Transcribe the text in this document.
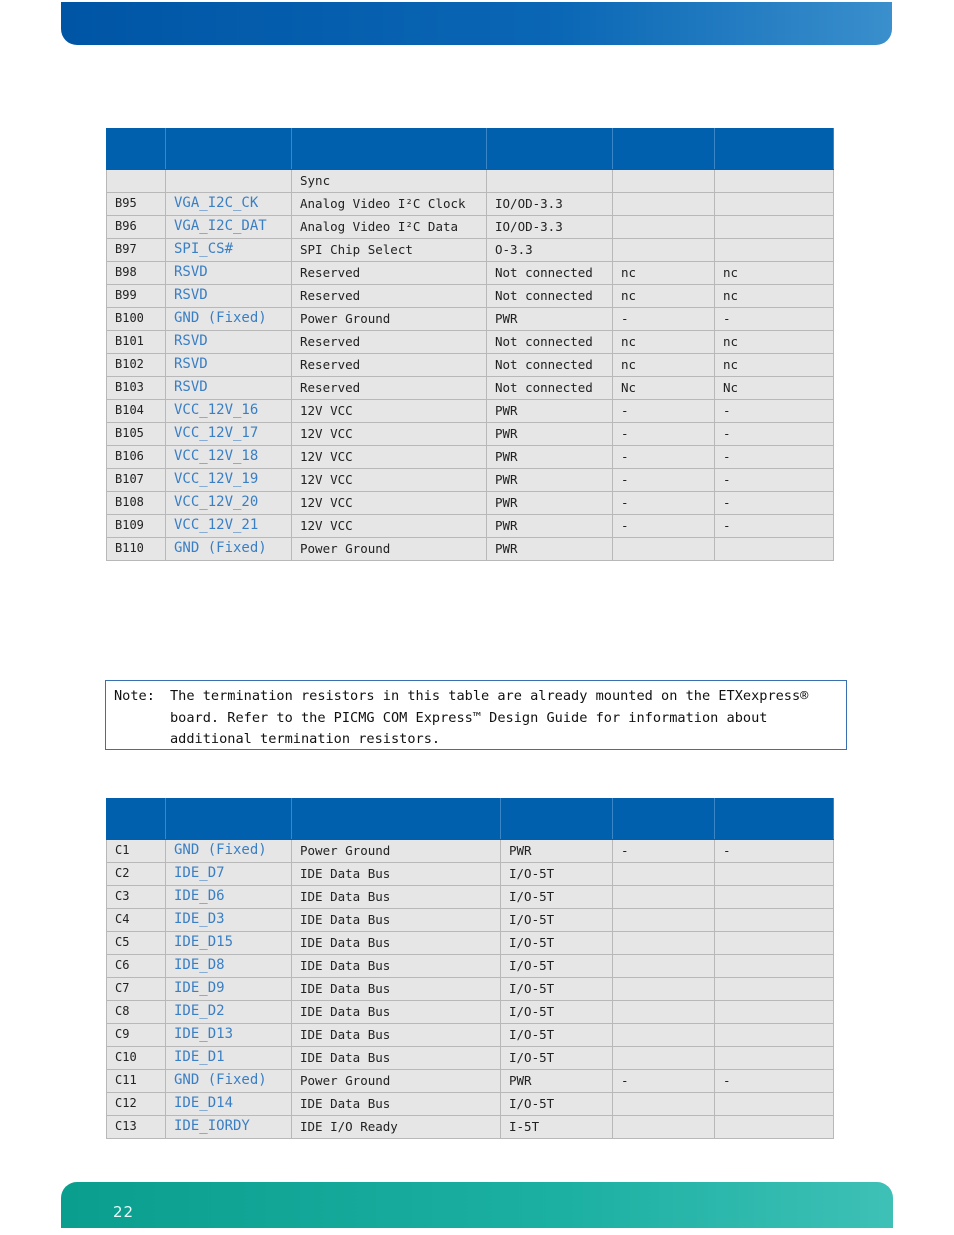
		Sync			
B95	VGA_I2C_CK	Analog Video I²C Clock	IO/OD-3.3		
B96	VGA_I2C_DAT	Analog Video I²C Data	IO/OD-3.3		
B97	SPI_CS#	SPI Chip Select	O-3.3		
B98	RSVD	Reserved	Not connected	nc	nc
B99	RSVD	Reserved	Not connected	nc	nc
B100	GND (Fixed)	Power Ground	PWR	-	-
B101	RSVD	Reserved	Not connected	nc	nc
B102	RSVD	Reserved	Not connected	nc	nc
B103	RSVD	Reserved	Not connected	Nc	Nc
B104	VCC_12V_16	12V VCC	PWR	-	-
B105	VCC_12V_17	12V VCC	PWR	-	-
B106	VCC_12V_18	12V VCC	PWR	-	-
B107	VCC_12V_19	12V VCC	PWR	-	-
B108	VCC_12V_20	12V VCC	PWR	-	-
B109	VCC_12V_21	12V VCC	PWR	-	-
B110	GND (Fixed)	Power Ground	PWR		
Note: The termination resistors in this table are already mounted on the ETXexpress® board. Refer to the PICMG COM Express™ Design Guide for information about additional termination resistors.

C1	GND (Fixed)	Power Ground	PWR	-	-
C2	IDE_D7	IDE Data Bus	I/O-5T		
C3	IDE_D6	IDE Data Bus	I/O-5T		
C4	IDE_D3	IDE Data Bus	I/O-5T		
C5	IDE_D15	IDE Data Bus	I/O-5T		
C6	IDE_D8	IDE Data Bus	I/O-5T		
C7	IDE_D9	IDE Data Bus	I/O-5T		
C8	IDE_D2	IDE Data Bus	I/O-5T		
C9	IDE_D13	IDE Data Bus	I/O-5T		
C10	IDE_D1	IDE Data Bus	I/O-5T		
C11	GND (Fixed)	Power Ground	PWR	-	-
C12	IDE_D14	IDE Data Bus	I/O-5T		
C13	IDE_IORDY	IDE I/O Ready	I-5T		
22
